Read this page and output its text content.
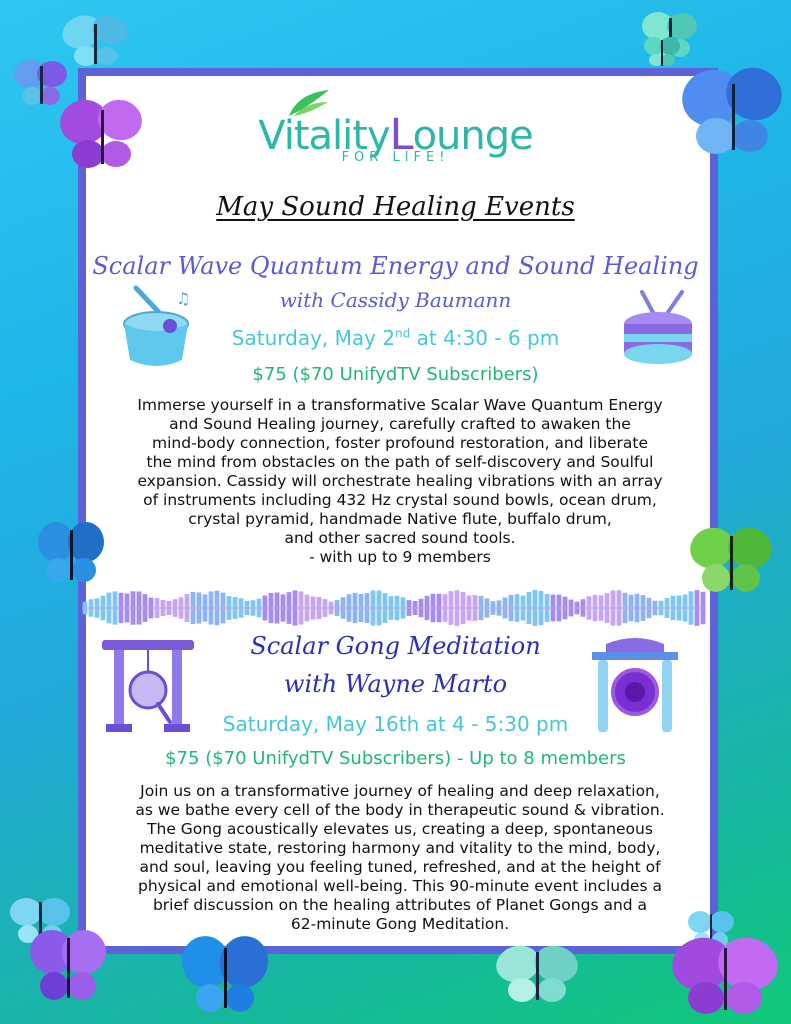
VitalityLounge
FOR LIFE!
May Sound Healing Events
Scalar Wave Quantum Energy and Sound Healing
with Cassidy Baumann
Saturday, May 2nd at 4:30 - 6 pm
$75 ($70 UnifydTV Subscribers)
♫
Immerse yourself in a transformative Scalar Wave Quantum Energy
and Sound Healing journey, carefully crafted to awaken the
mind-body connection, foster profound restoration, and liberate
the mind from obstacles on the path of self-discovery and Soulful
expansion. Cassidy will orchestrate healing vibrations with an array
of instruments including 432 Hz crystal sound bowls, ocean drum,
crystal pyramid, handmade Native flute, buffalo drum,
and other sacred sound tools.
- with up to 9 members
Scalar Gong Meditation
with Wayne Marto
Saturday, May 16th at 4 - 5:30 pm
$75 ($70 UnifydTV Subscribers) - Up to 8 members
Join us on a transformative journey of healing and deep relaxation,
as we bathe every cell of the body in therapeutic sound & vibration.
The Gong acoustically elevates us, creating a deep, spontaneous
meditative state, restoring harmony and vitality to the mind, body,
and soul, leaving you feeling tuned, refreshed, and at the height of
physical and emotional well-being. This 90-minute event includes a
brief discussion on the healing attributes of Planet Gongs and a
62-minute Gong Meditation.
